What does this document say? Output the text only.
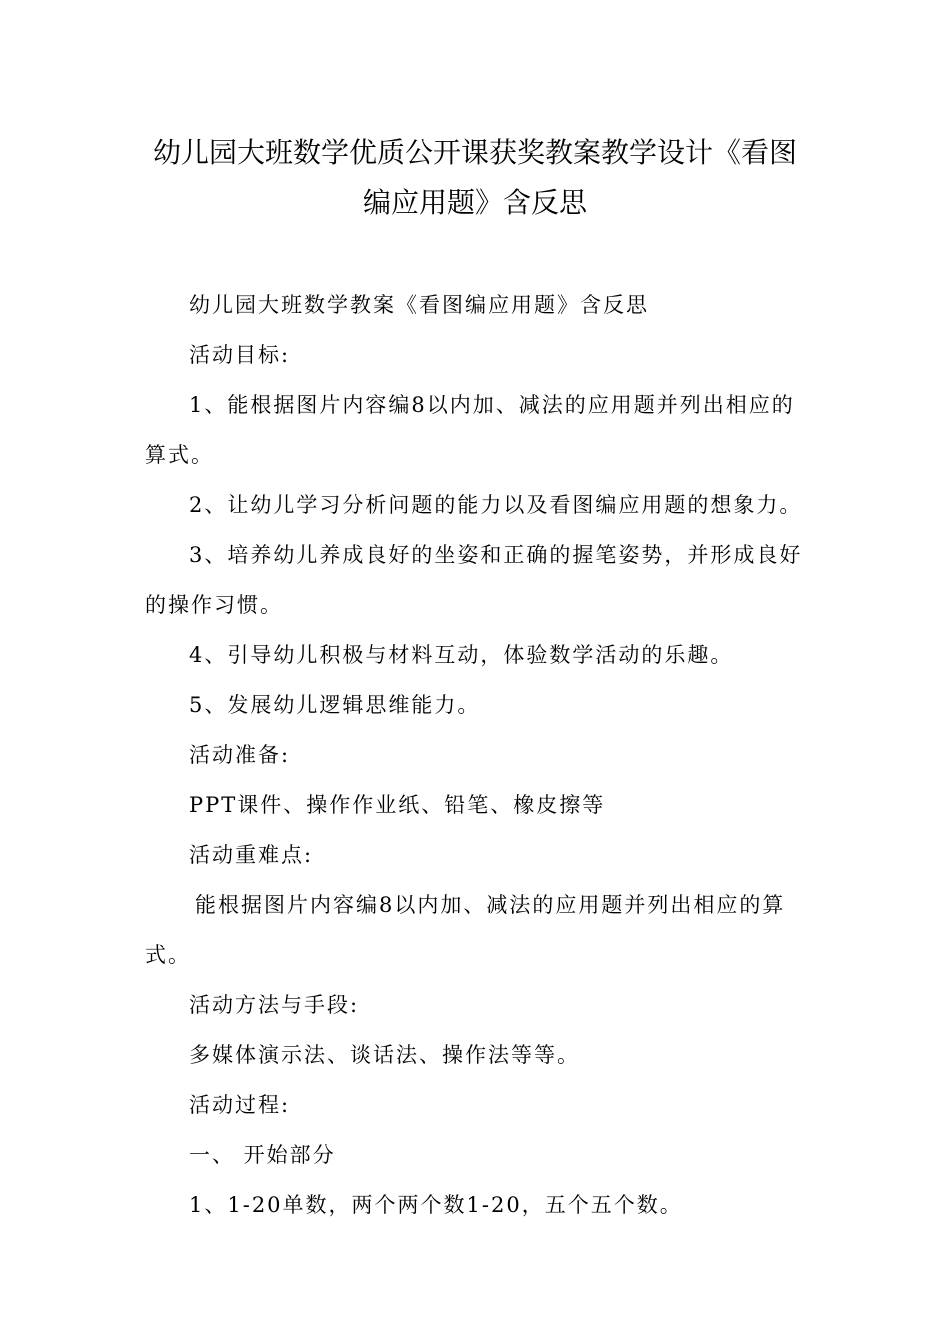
幼儿园大班数学优质公开课获奖教案教学设计《看图编应用题》含反思

幼儿园大班数学教案《看图编应用题》含反思

活动目标:

1、能根据图片内容编8以内加、减法的应用题并列出相应的算式。

2、让幼儿学习分析问题的能力以及看图编应用题的想象力。

3、培养幼儿养成良好的坐姿和正确的握笔姿势，并形成良好的操作习惯。

4、引导幼儿积极与材料互动，体验数学活动的乐趣。

5、发展幼儿逻辑思维能力。

活动准备:

PPT课件、操作作业纸、铅笔、橡皮擦等

活动重难点:

能根据图片内容编8以内加、减法的应用题并列出相应的算式。

活动方法与手段:

多媒体演示法、谈话法、操作法等等。

活动过程:

一、 开始部分

1、1-20单数，两个两个数1-20，五个五个数。
